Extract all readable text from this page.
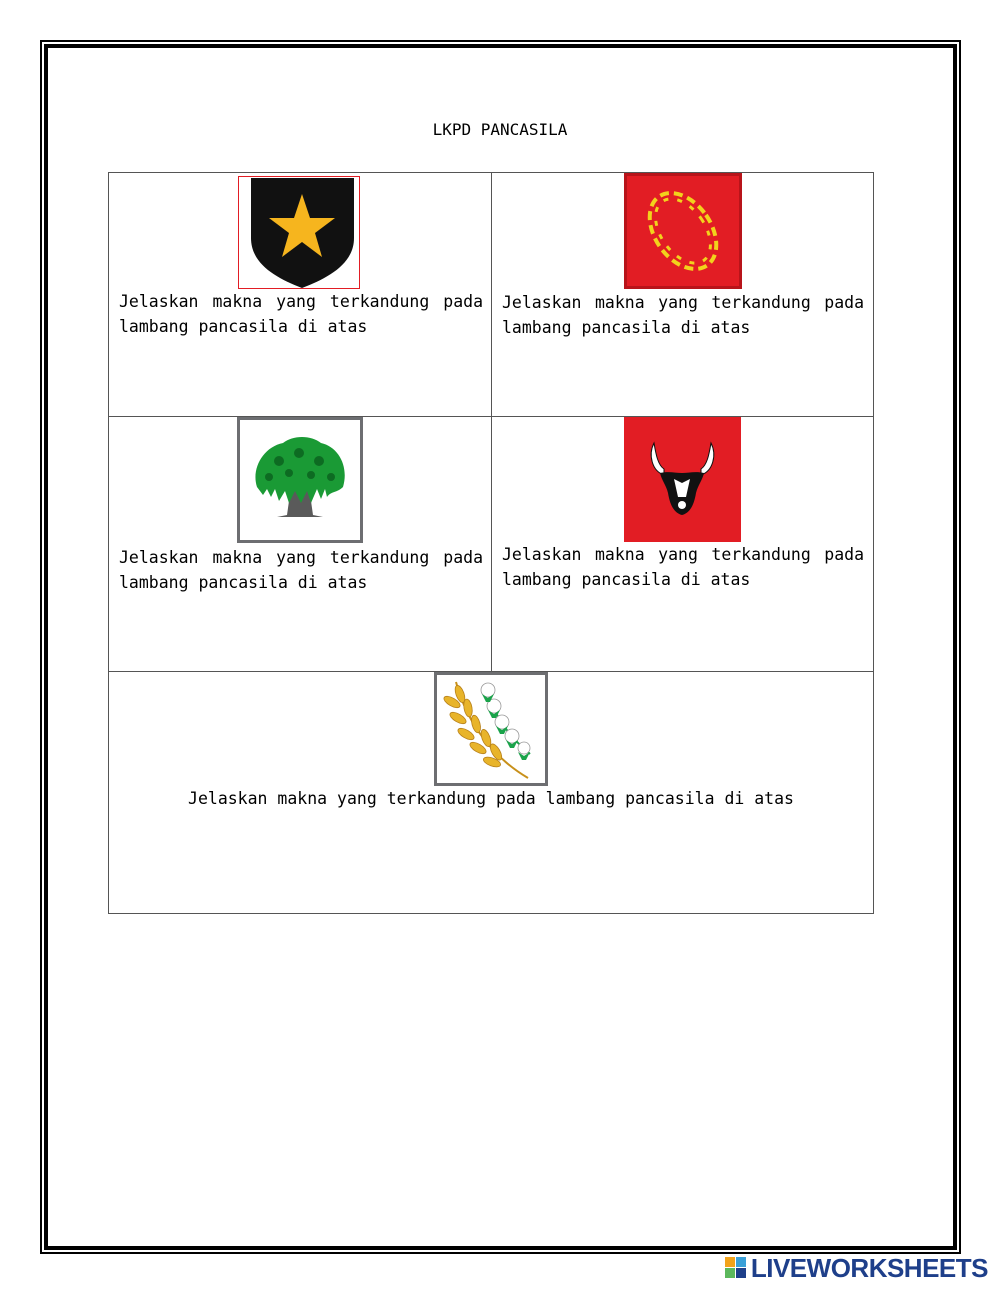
LKPD PANCASILA
Jelaskan makna yang terkandung pada lambang pancasila di atas
Jelaskan makna yang terkandung pada lambang pancasila di atas
Jelaskan makna yang terkandung pada lambang pancasila di atas
Jelaskan makna yang terkandung pada lambang pancasila di atas
Jelaskan makna yang terkandung pada lambang pancasila di atas
LIVEWORKSHEETS
